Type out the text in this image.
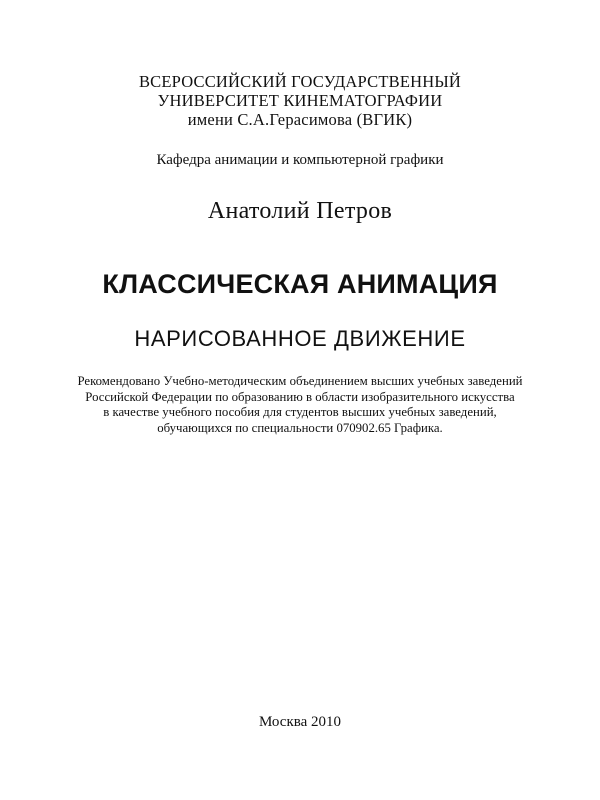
ВСЕРОССИЙСКИЙ ГОСУДАРСТВЕННЫЙ
УНИВЕРСИТЕТ КИНЕМАТОГРАФИИ
имени С.А.Герасимова (ВГИК)
Кафедра анимации и компьютерной графики
Анатолий Петров
КЛАССИЧЕСКАЯ АНИМАЦИЯ
НАРИСОВАННОЕ ДВИЖЕНИЕ
Рекомендовано Учебно-методическим объединением высших учебных заведений
Российской Федерации по образованию в области изобразительного искусства
в качестве учебного пособия для студентов высших учебных заведений,
обучающихся по специальности 070902.65 Графика.
Москва 2010
